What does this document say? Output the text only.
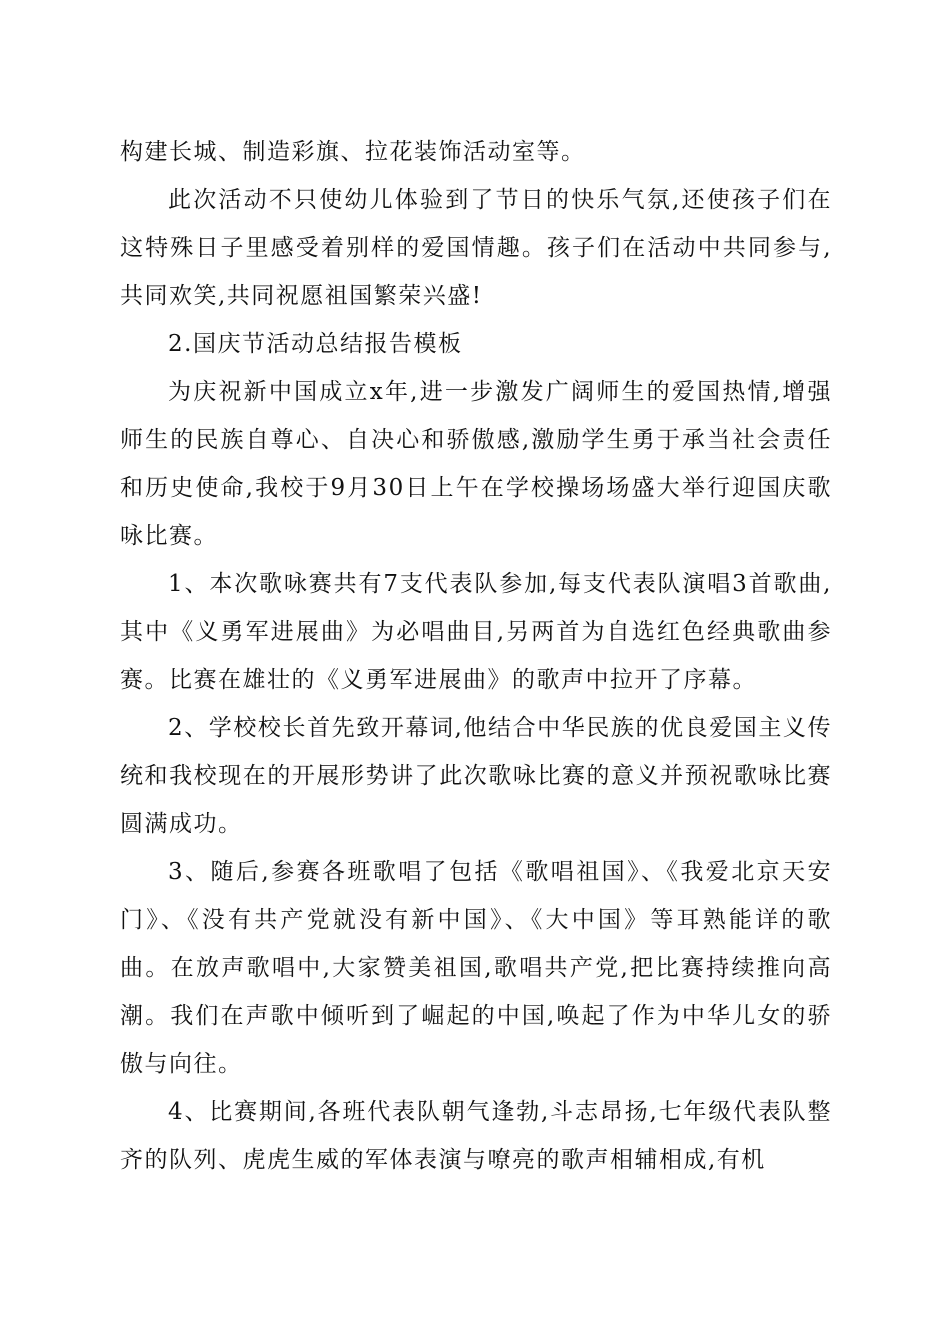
构建长城、制造彩旗、拉花装饰活动室等。

此次活动不只使幼儿体验到了节日的快乐气氛,还使孩子们在这特殊日子里感受着别样的爱国情趣。孩子们在活动中共同参与,共同欢笑,共同祝愿祖国繁荣兴盛!

2.国庆节活动总结报告模板

为庆祝新中国成立x年,进一步激发广阔师生的爱国热情,增强师生的民族自尊心、自决心和骄傲感,激励学生勇于承当社会责任和历史使命,我校于9月30日上午在学校操场场盛大举行迎国庆歌咏比赛。

1、本次歌咏赛共有7支代表队参加,每支代表队演唱3首歌曲,其中《义勇军进展曲》为必唱曲目,另两首为自选红色经典歌曲参赛。比赛在雄壮的《义勇军进展曲》的歌声中拉开了序幕。

2、学校校长首先致开幕词,他结合中华民族的优良爱国主义传统和我校现在的开展形势讲了此次歌咏比赛的意义并预祝歌咏比赛圆满成功。

3、随后,参赛各班歌唱了包括《歌唱祖国》、《我爱北京天安门》、《没有共产党就没有新中国》、《大中国》等耳熟能详的歌曲。在放声歌唱中,大家赞美祖国,歌唱共产党,把比赛持续推向高 潮。我们在声歌中倾听到了崛起的中国,唤起了作为中华儿女的骄傲与向往。

4、比赛期间,各班代表队朝气逢勃,斗志昂扬,七年级代表队整齐的队列、虎虎生威的军体表演与嘹亮的歌声相辅相成,有机
